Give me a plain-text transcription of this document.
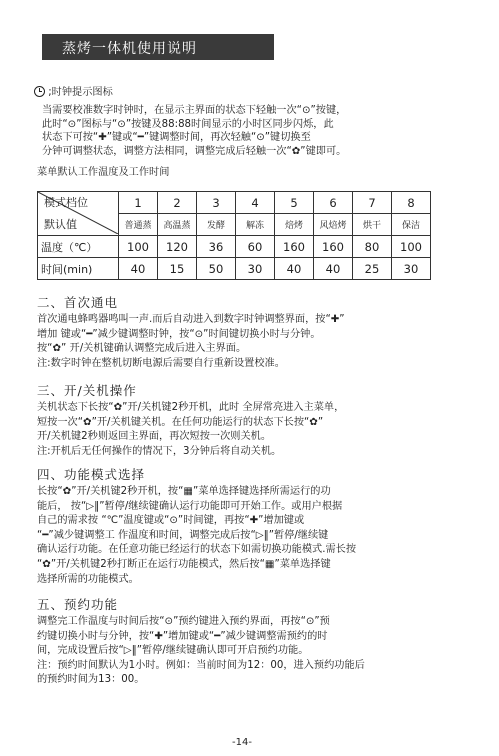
蒸烤一体机使用说明
;时钟提示图标
当需要校准数字时钟时，在显示主界面的状态下轻触一次“⊙”按键，
此时“⊙”图标与“⊙”按键及88:88时间显示的小时区同步闪烁，此
状态下可按“✚”键或“━”键调整时间，再次轻触“⊙”键切换至
分钟可调整状态，调整方法相同，调整完成后轻触一次“✿”键即可。
菜单默认工作温度及工作时间
模式档位
默认值	1	2	3	4	5	6	7	8
	普通蒸	高温蒸	发酵	解冻	焙烤	风焙烤	烘干	保洁
温度（℃）	100	120	36	60	160	160	80	100
时间(min)	40	15	50	30	40	40	25	30
二、首次通电
首次通电蜂鸣器鸣叫一声.而后自动进入到数字时钟调整界面，按“✚”
增加 键或“━”减少键调整时钟，按“⊙”时间键切换小时与分钟。
按“✿” 开/关机键确认调整完成后进入主界面。
注:数字时钟在整机切断电源后需要自行重新设置校准。
三、开/关机操作
关机状态下长按“✿”开/关机键2秒开机，此时 全屏常亮进入主菜单，
短按一次“✿”开/关机键关机。在任何功能运行的状态下长按“✿”
开/关机键2秒则返回主界面，再次短按一次则关机。
注:开机后无任何操作的情况下，3分钟后将自动关机。
四、功能模式选择
长按“✿”开/关机键2秒开机，按“▦”菜单选择键选择所需运行的功
能后， 按“▷‖”暂停/继续键确认运行功能即可开始工作。或用户根据
自己的需求按 “℃”温度键或“⊙”时间键，再按“✚”增加键或
“━”减少键调整工 作温度和时间，调整完成后按“▷‖”暂停/继续键
确认运行功能。在任意功能已经运行的状态下如需切换功能模式.需长按
“✿”开/关机键2秒打断正在运行功能模式，然后按“▦”菜单选择键
选择所需的功能模式。
五、预约功能
调整完工作温度与时间后按“⊙”预约键进入预约界面，再按“⊙”预
约键切换小时与分钟，按“✚”增加键或“━”减少键调整需预约的时
间，完成设置后按“▷‖”暂停/继续键确认即可开启预约功能。
注：预约时间默认为1小时。例如：当前时间为12：00，进入预约功能后
的预约时间为13：00。
-14-
